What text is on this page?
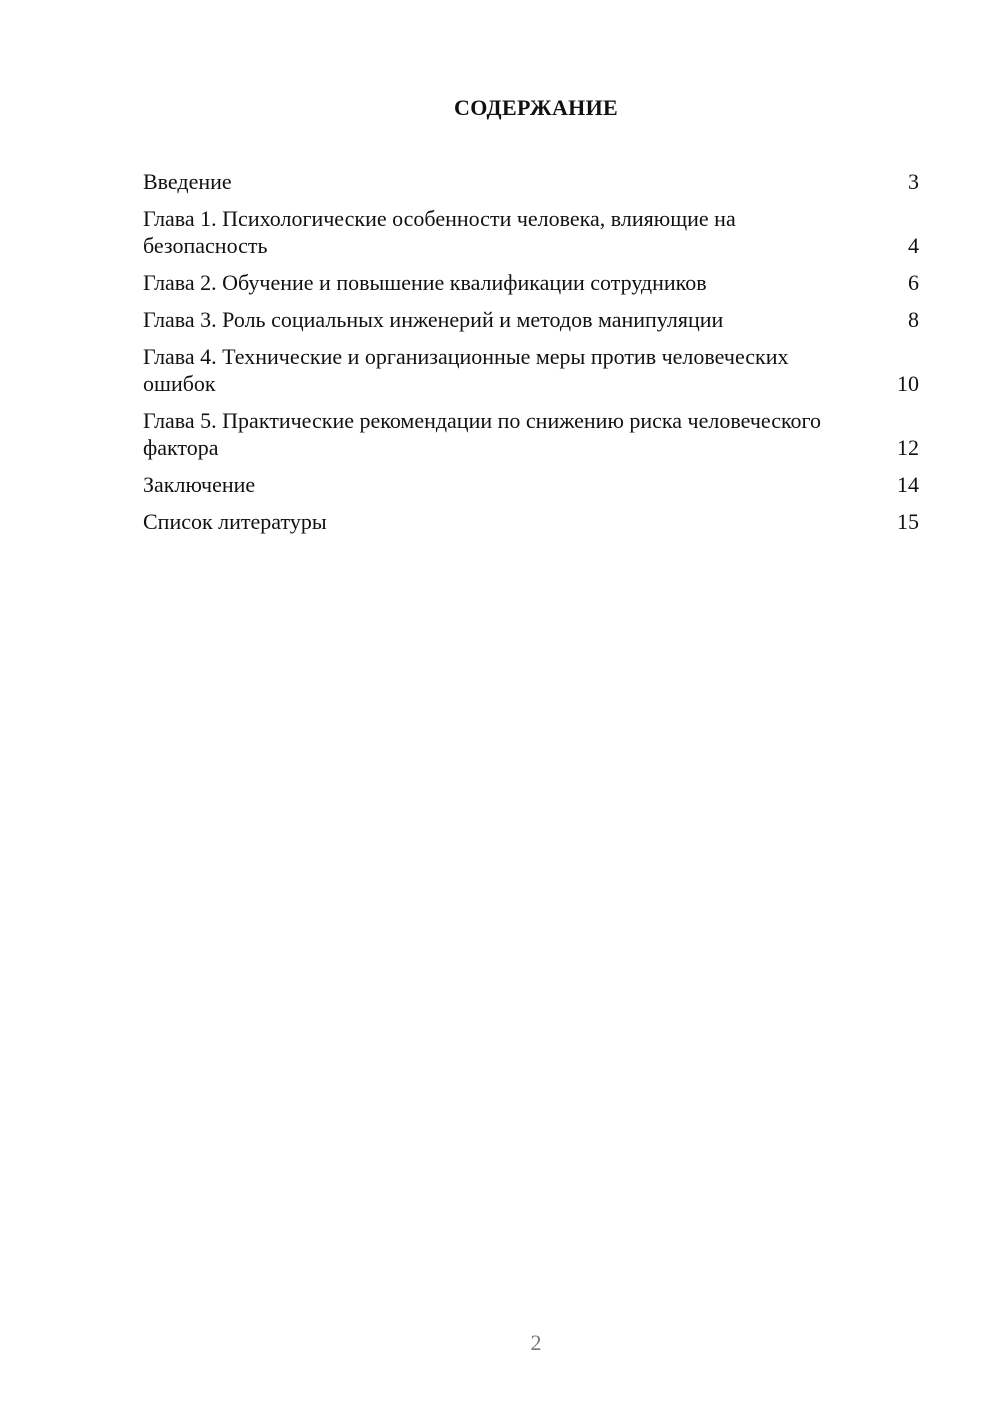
СОДЕРЖАНИЕ
Введение	3
Глава 1. Психологические особенности человека, влияющие на безопасность	4
Глава 2. Обучение и повышение квалификации сотрудников	6
Глава 3. Роль социальных инженерий и методов манипуляции	8
Глава 4. Технические и организационные меры против человеческих ошибок	10
Глава 5. Практические рекомендации по снижению риска человеческого фактора	12
Заключение	14
Список литературы	15
2
